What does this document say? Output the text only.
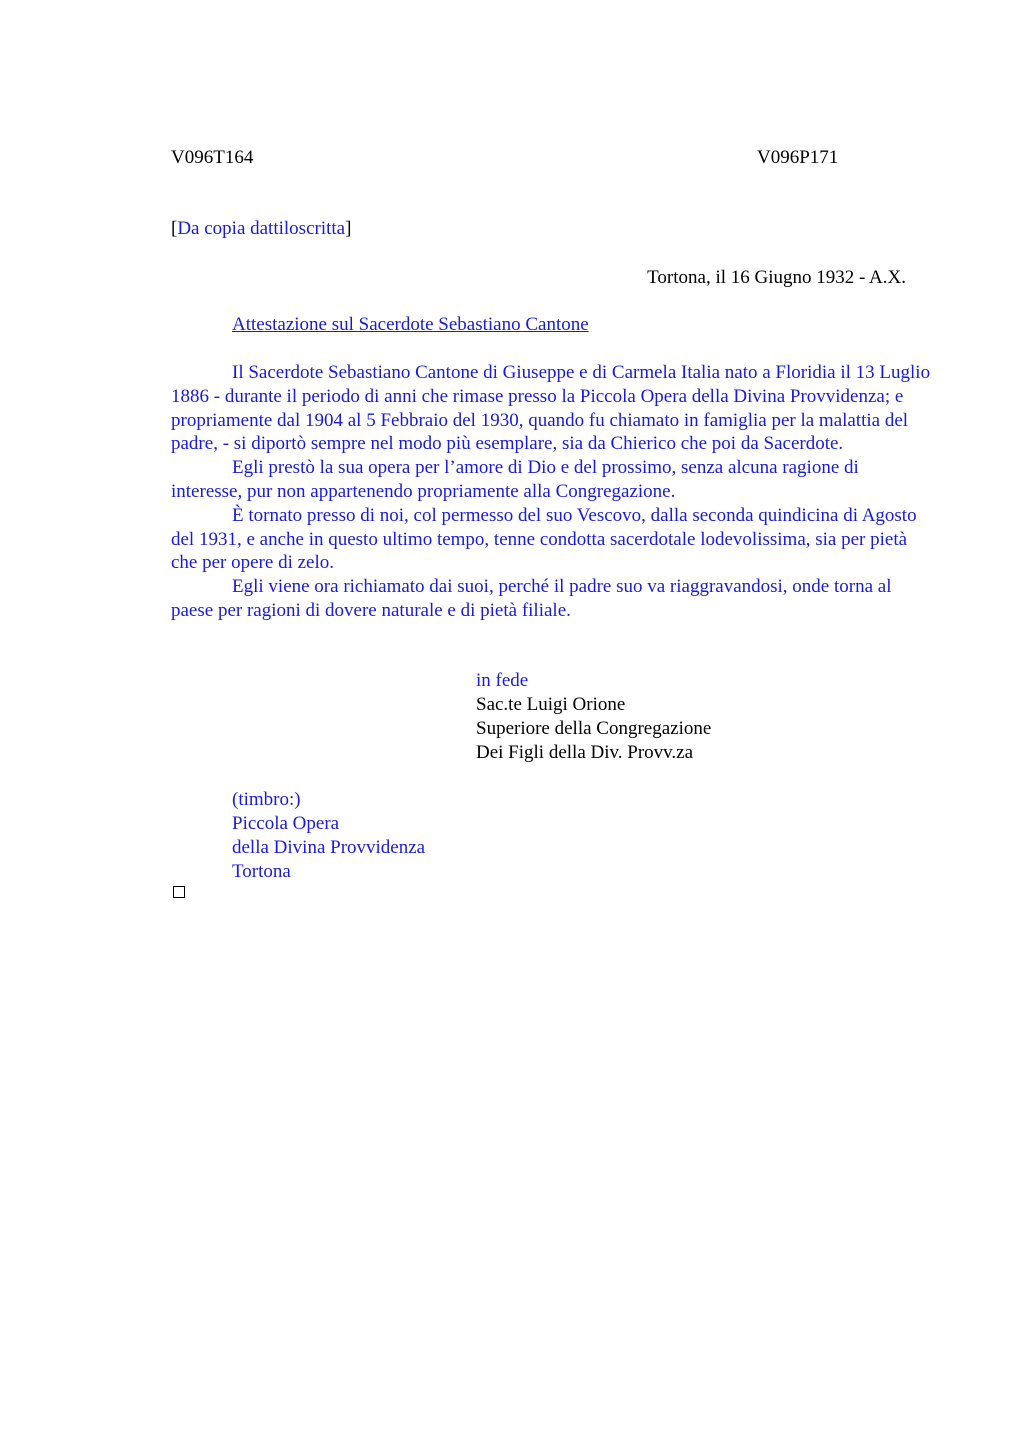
V096T164	V096P171
[Da copia dattiloscritta]
Tortona, il 16 Giugno 1932 - A.X.
Attestazione sul Sacerdote Sebastiano Cantone

Il Sacerdote Sebastiano Cantone di Giuseppe e di Carmela Italia nato a Floridia il 13 Luglio 1886 - durante il periodo di anni che rimase presso la Piccola Opera della Divina Provvidenza; e propriamente dal 1904 al 5 Febbraio del 1930, quando fu chiamato in famiglia per la malattia del padre, - si diportò sempre nel modo più esemplare, sia da Chierico che poi da Sacerdote.

Egli prestò la sua opera per l’amore di Dio e del prossimo, senza alcuna ragione di interesse, pur non appartenendo propriamente alla Congregazione.

È tornato presso di noi, col permesso del suo Vescovo, dalla seconda quindicina di Agosto del 1931, e anche in questo ultimo tempo, tenne condotta sacerdotale lodevolissima, sia per pietà che per opere di zelo.

Egli viene ora richiamato dai suoi, perché il padre suo va riaggravandosi, onde torna al paese per ragioni di dovere naturale e di pietà filiale.

in fede
Sac.te Luigi Orione
Superiore della Congregazione
Dei Figli della Div. Provv.za
(timbro:)
Piccola Opera
della Divina Provvidenza
Tortona
